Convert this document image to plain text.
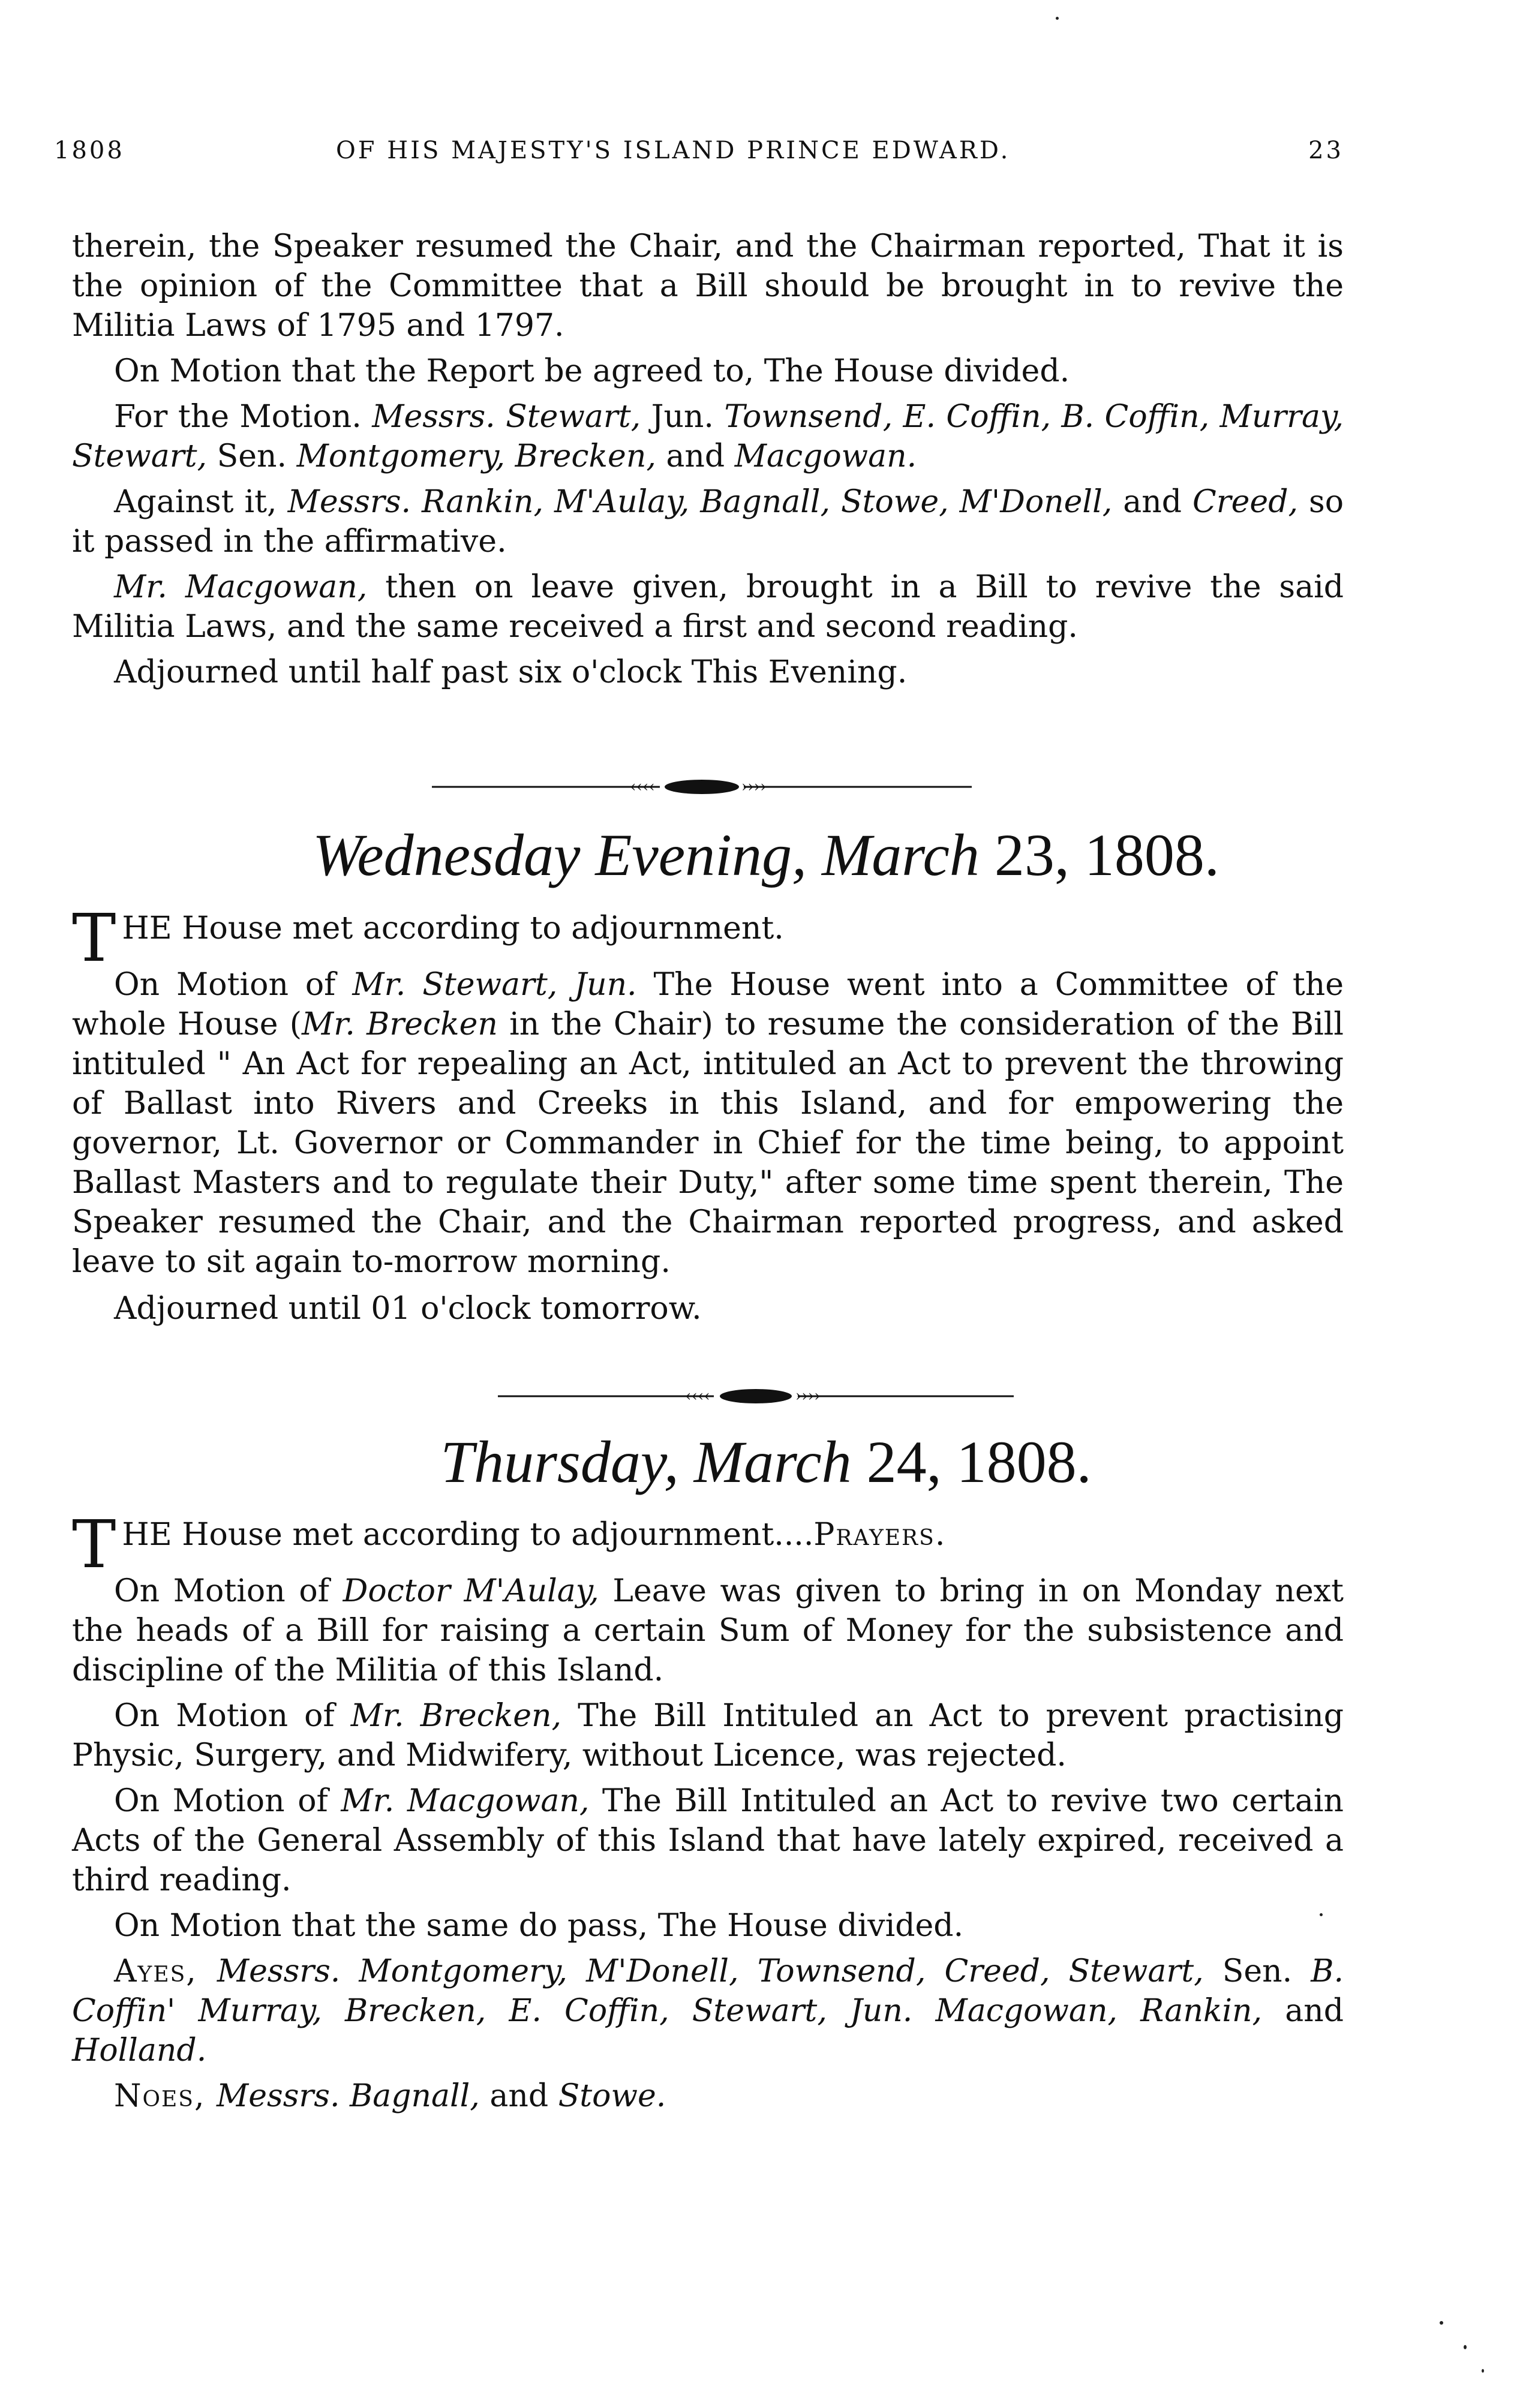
1808	OF HIS MAJESTY'S ISLAND PRINCE EDWARD.	23

therein, the Speaker resumed the Chair, and the Chairman reported, That it is the opinion of the Committee that a Bill should be brought in to revive the Militia Laws of 1795 and 1797.

On Motion that the Report be agreed to, The House divided.

For the Motion. Messrs. Stewart, Jun. Townsend, E. Coffin, B. Coffin, Murray, Stewart, Sen. Montgomery, Brecken, and Macgowan.

Against it, Messrs. Rankin, M'Aulay, Bagnall, Stowe, M'Donell, and Creed, so it passed in the affirmative.

Mr. Macgowan, then on leave given, brought in a Bill to revive the said Militia Laws, and the same received a first and second reading.

Adjourned until half past six o'clock This Evening.

‹‹‹‹	››››
Wednesday Evening, March 23, 1808.

THE House met according to adjournment.

On Motion of Mr. Stewart, Jun. The House went into a Committee of the whole House (Mr. Brecken in the Chair) to resume the consideration of the Bill intituled " An Act for repealing an Act, intituled an Act to prevent the throwing of Ballast into Rivers and Creeks in this Island, and for empowering the governor, Lt. Governor or Commander in Chief for the time being, to appoint Ballast Masters and to regulate their Duty," after some time spent therein, The Speaker resumed the Chair, and the Chairman reported progress, and asked leave to sit again to-morrow morning.

Adjourned until 01 o'clock tomorrow.

‹‹‹‹	››››
Thursday, March 24, 1808.

THE House met according to adjournment....Prayers.

On Motion of Doctor M'Aulay, Leave was given to bring in on Monday next the heads of a Bill for raising a certain Sum of Money for the subsistence and discipline of the Militia of this Island.

On Motion of Mr. Brecken, The Bill Intituled an Act to prevent practising Physic, Surgery, and Midwifery, without Licence, was rejected.

On Motion of Mr. Macgowan, The Bill Intituled an Act to revive two certain Acts of the General Assembly of this Island that have lately expired, received a third reading.

On Motion that the same do pass, The House divided.

Ayes, Messrs. Montgomery, M'Donell, Townsend, Creed, Stewart, Sen. B. Coffin' Murray, Brecken, E. Coffin, Stewart, Jun. Macgowan, Rankin, and Holland.

Noes, Messrs. Bagnall, and Stowe.
